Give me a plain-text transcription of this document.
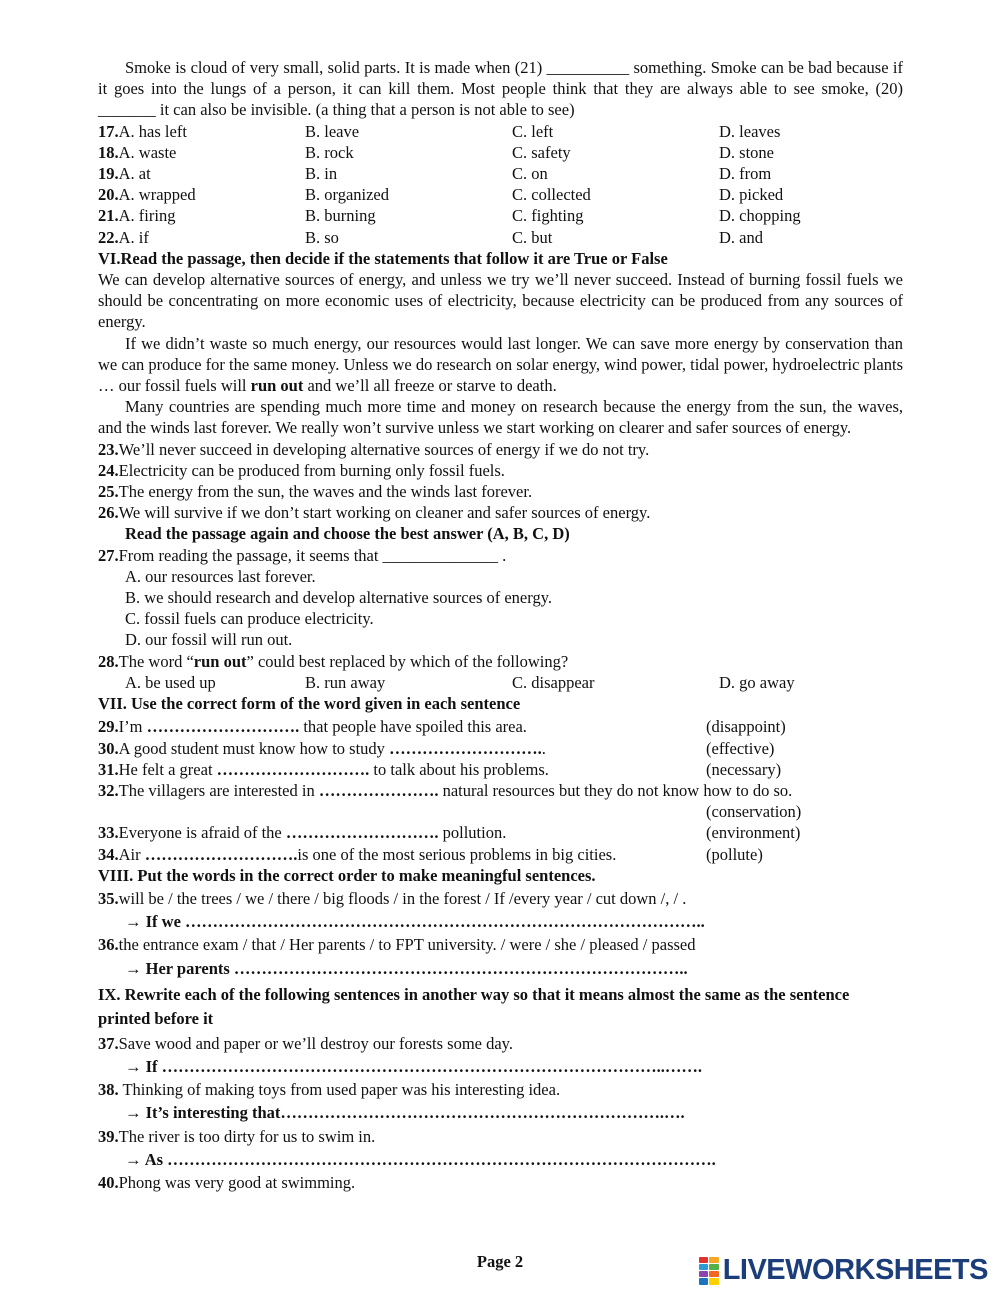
Smoke is cloud of very small, solid parts. It is made when (21) __________ something. Smoke can be bad because if it goes into the lungs of a person, it can kill them. Most people think that they are always able to see smoke, (20) _______ it can also be invisible. (a thing that a person is not able to see)

17.A. has left	B. leave	C. left	D. leaves
18.A. waste	B. rock	C. safety	D. stone
19.A. at	B. in	C. on	D. from
20.A. wrapped	B. organized	C. collected	D. picked
21.A. firing	B. burning	C. fighting	D. chopping
22.A. if	B. so	C. but	D. and

VI.Read the passage, then decide if the statements that follow it are True or False

We can develop alternative sources of energy, and unless we try we’ll never succeed. Instead of burning fossil fuels we should be concentrating on more economic uses of electricity, because electricity can be produced from any sources of energy.

If we didn’t waste so much energy, our resources would last longer. We can save more energy by conservation than we can produce for the same money. Unless we do research on solar energy, wind power, tidal power, hydroelectric plants … our fossil fuels will run out and we’ll all freeze or starve to death.

Many countries are spending much more time and money on research because the energy from the sun, the waves, and the winds last forever. We really won’t survive unless we start working on clearer and safer sources of energy.

23.We’ll never succeed in developing alternative sources of energy if we do not try.

24.Electricity can be produced from burning only fossil fuels.

25.The energy from the sun, the waves and the winds last forever.

26.We will survive if we don’t start working on cleaner and safer sources of energy.

Read the passage again and choose the best answer (A, B, C, D)

27.From reading the passage, it seems that ______________ .

A. our resources last forever.

B. we should research and develop alternative sources of energy.

C. fossil fuels can produce electricity.

D. our fossil will run out.

28.The word “run out” could best replaced by which of the following?

A. be used up	B. run away	C. disappear	D. go away

VII. Use the correct form of the word given in each sentence

29.I’m ………………………. that people have spoiled this area.	(disappoint)
30.A good student must know how to study ………………………..	(effective)
31.He felt a great ………………………. to talk about his problems.	(necessary)

32.The villagers are interested in …………………. natural resources but they do not know how to do so.

(conservation)
33.Everyone is afraid of the ………………………. pollution.	(environment)
34.Air ……………………….is one of the most serious problems in big cities.	(pollute)

VIII. Put the words in the correct order to make meaningful sentences.

35.will be / the trees / we / there / big floods / in the forest / If /every year / cut down /, / .

→ If we …………………………………………………………………………………..

36.the entrance exam / that / Her parents / to FPT university. / were / she / pleased / passed

→ Her parents ………………………………………………………………………..

IX. Rewrite each of the following sentences in another way so that it means almost the same as the sentence printed before it

37.Save wood and paper or we’ll destroy our forests some day.

→ If ………………………………………………………………………………..…….

38. Thinking of making toys from used paper was his interesting idea.

→ It’s interesting that…………………………………………………………….….

39.The river is too dirty for us to swim in.

→ As ……………………………………………………………………………………….

40.Phong was very good at swimming.

Page 2	LIVEWORKSHEETS
